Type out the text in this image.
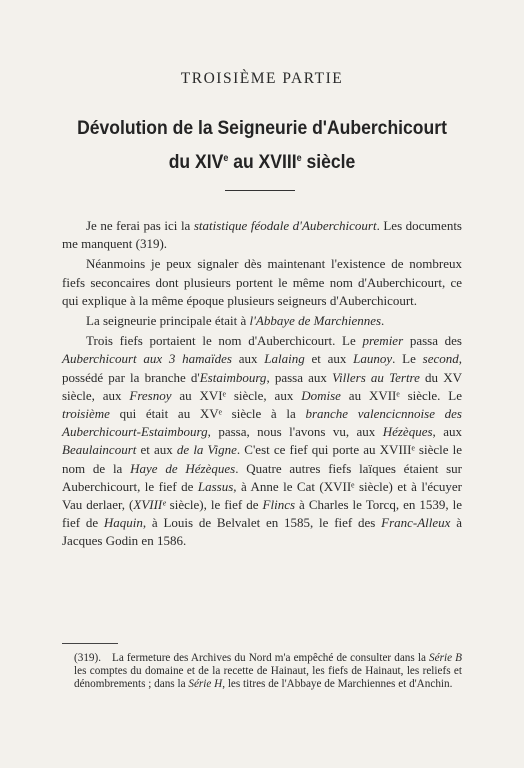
TROISIÈME PARTIE
Dévolution de la Seigneurie d'Auberchicourt
du XIVe au XVIIIe siècle

Je ne ferai pas ici la statistique féodale d'Auberchicourt. Les documents me manquent (319).

Néanmoins je peux signaler dès maintenant l'existence de nombreux fiefs seconcaires dont plusieurs portent le même nom d'Auberchicourt, ce qui explique à la même époque plusieurs seigneurs d'Auberchicourt.

La seigneurie principale était à l'Abbaye de Marchiennes.

Trois fiefs portaient le nom d'Auberchicourt. Le premier passa des Auberchicourt aux 3 hamaïdes aux Lalaing et aux Launoy. Le second, possédé par la branche d'Estaimbourg, passa aux Villers au Tertre du XV siècle, aux Fresnoy au XVIᵉ siècle, aux Domise au XVIIᵉ siècle. Le troisième qui était au XVᵉ siècle à la branche valencicnnoise des Auberchicourt-Estaimbourg, passa, nous l'avons vu, aux Hézèques, aux Beaulaincourt et aux de la Vigne. C'est ce fief qui porte au XVIIIᵉ siècle le nom de la Haye de Hézèques. Quatre autres fiefs laïques étaient sur Auberchicourt, le fief de Lassus, à Anne le Cat (XVIIᵉ siècle) et à l'écuyer Vau derlaer, (XVIIIᵉ siècle), le fief de Flincs à Charles le Torcq, en 1539, le fief de Haquin, à Louis de Belvalet en 1585, le fief des Franc-Alleux à Jacques Godin en 1586.

(319). La fermeture des Archives du Nord m'a empêché de consulter dans la Série B les comptes du domaine et de la recette de Hainaut, les fiefs de Hainaut, les reliefs et dénombrements ; dans la Série H, les titres de l'Abbaye de Marchiennes et d'Anchin.
